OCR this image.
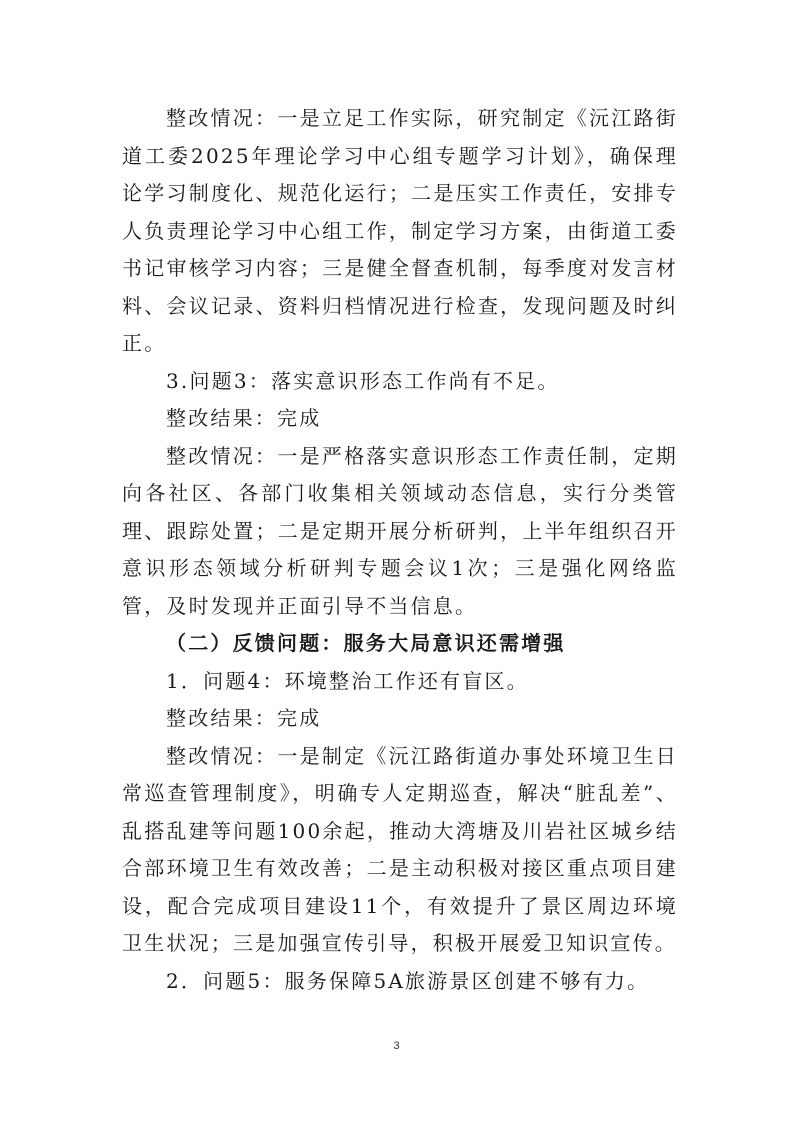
整改情况：一是立足工作实际，研究制定《沅江路街道工委2025年理论学习中心组专题学习计划》，确保理论学习制度化、规范化运行；二是压实工作责任，安排专人负责理论学习中心组工作，制定学习方案，由街道工委书记审核学习内容；三是健全督查机制，每季度对发言材料、会议记录、资料归档情况进行检查，发现问题及时纠正。

3.问题3：落实意识形态工作尚有不足。

整改结果：完成

整改情况：一是严格落实意识形态工作责任制，定期向各社区、各部门收集相关领域动态信息，实行分类管理、跟踪处置；二是定期开展分析研判，上半年组织召开意识形态领域分析研判专题会议1次；三是强化网络监管，及时发现并正面引导不当信息。

（二）反馈问题：服务大局意识还需增强

1．问题4：环境整治工作还有盲区。

整改结果：完成

整改情况：一是制定《沅江路街道办事处环境卫生日常巡查管理制度》，明确专人定期巡查，解决“脏乱差”、乱搭乱建等问题100余起，推动大湾塘及川岩社区城乡结合部环境卫生有效改善；二是主动积极对接区重点项目建设，配合完成项目建设11个，有效提升了景区周边环境卫生状况；三是加强宣传引导，积极开展爱卫知识宣传。

2．问题5：服务保障5A旅游景区创建不够有力。

3
